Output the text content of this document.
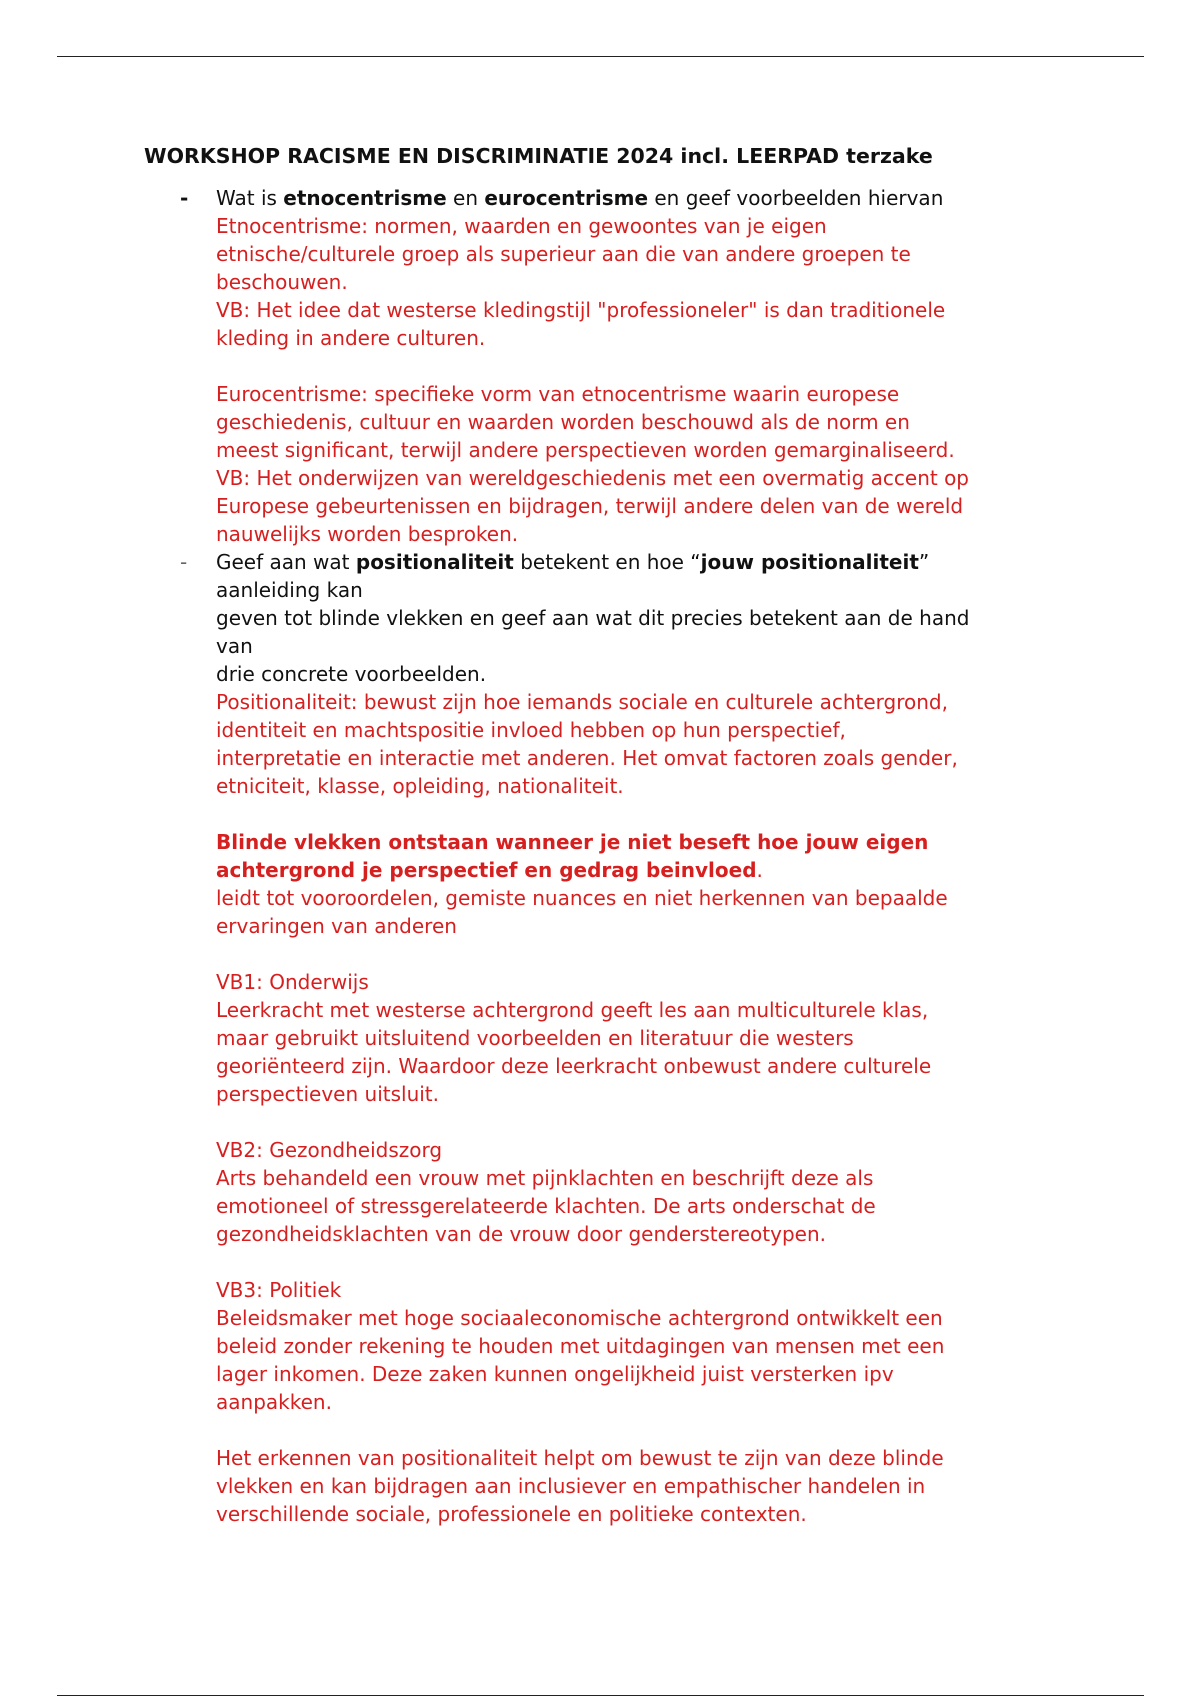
WORKSHOP RACISME EN DISCRIMINATIE 2024 incl. LEERPAD terzake
- Wat is etnocentrisme en eurocentrisme en geef voorbeelden hiervan
Etnocentrisme: normen, waarden en gewoontes van je eigen
etnische/culturele groep als superieur aan die van andere groepen te
beschouwen.
VB: Het idee dat westerse kledingstijl "professioneler" is dan traditionele
kleding in andere culturen.
Eurocentrisme: specifieke vorm van etnocentrisme waarin europese
geschiedenis, cultuur en waarden worden beschouwd als de norm en
meest significant, terwijl andere perspectieven worden gemarginaliseerd.
VB: Het onderwijzen van wereldgeschiedenis met een overmatig accent op
Europese gebeurtenissen en bijdragen, terwijl andere delen van de wereld
nauwelijks worden besproken.
- Geef aan wat positionaliteit betekent en hoe “jouw positionaliteit”
aanleiding kan
geven tot blinde vlekken en geef aan wat dit precies betekent aan de hand
van
drie concrete voorbeelden.
Positionaliteit: bewust zijn hoe iemands sociale en culturele achtergrond,
identiteit en machtspositie invloed hebben op hun perspectief,
interpretatie en interactie met anderen. Het omvat factoren zoals gender,
etniciteit, klasse, opleiding, nationaliteit.
Blinde vlekken ontstaan wanneer je niet beseft hoe jouw eigen
achtergrond je perspectief en gedrag beinvloed.
leidt tot vooroordelen, gemiste nuances en niet herkennen van bepaalde
ervaringen van anderen
VB1: Onderwijs
Leerkracht met westerse achtergrond geeft les aan multiculturele klas,
maar gebruikt uitsluitend voorbeelden en literatuur die westers
georiënteerd zijn. Waardoor deze leerkracht onbewust andere culturele
perspectieven uitsluit.
VB2: Gezondheidszorg
Arts behandeld een vrouw met pijnklachten en beschrijft deze als
emotioneel of stressgerelateerde klachten. De arts onderschat de
gezondheidsklachten van de vrouw door genderstereotypen.
VB3: Politiek
Beleidsmaker met hoge sociaaleconomische achtergrond ontwikkelt een
beleid zonder rekening te houden met uitdagingen van mensen met een
lager inkomen. Deze zaken kunnen ongelijkheid juist versterken ipv
aanpakken.
Het erkennen van positionaliteit helpt om bewust te zijn van deze blinde
vlekken en kan bijdragen aan inclusiever en empathischer handelen in
verschillende sociale, professionele en politieke contexten.
